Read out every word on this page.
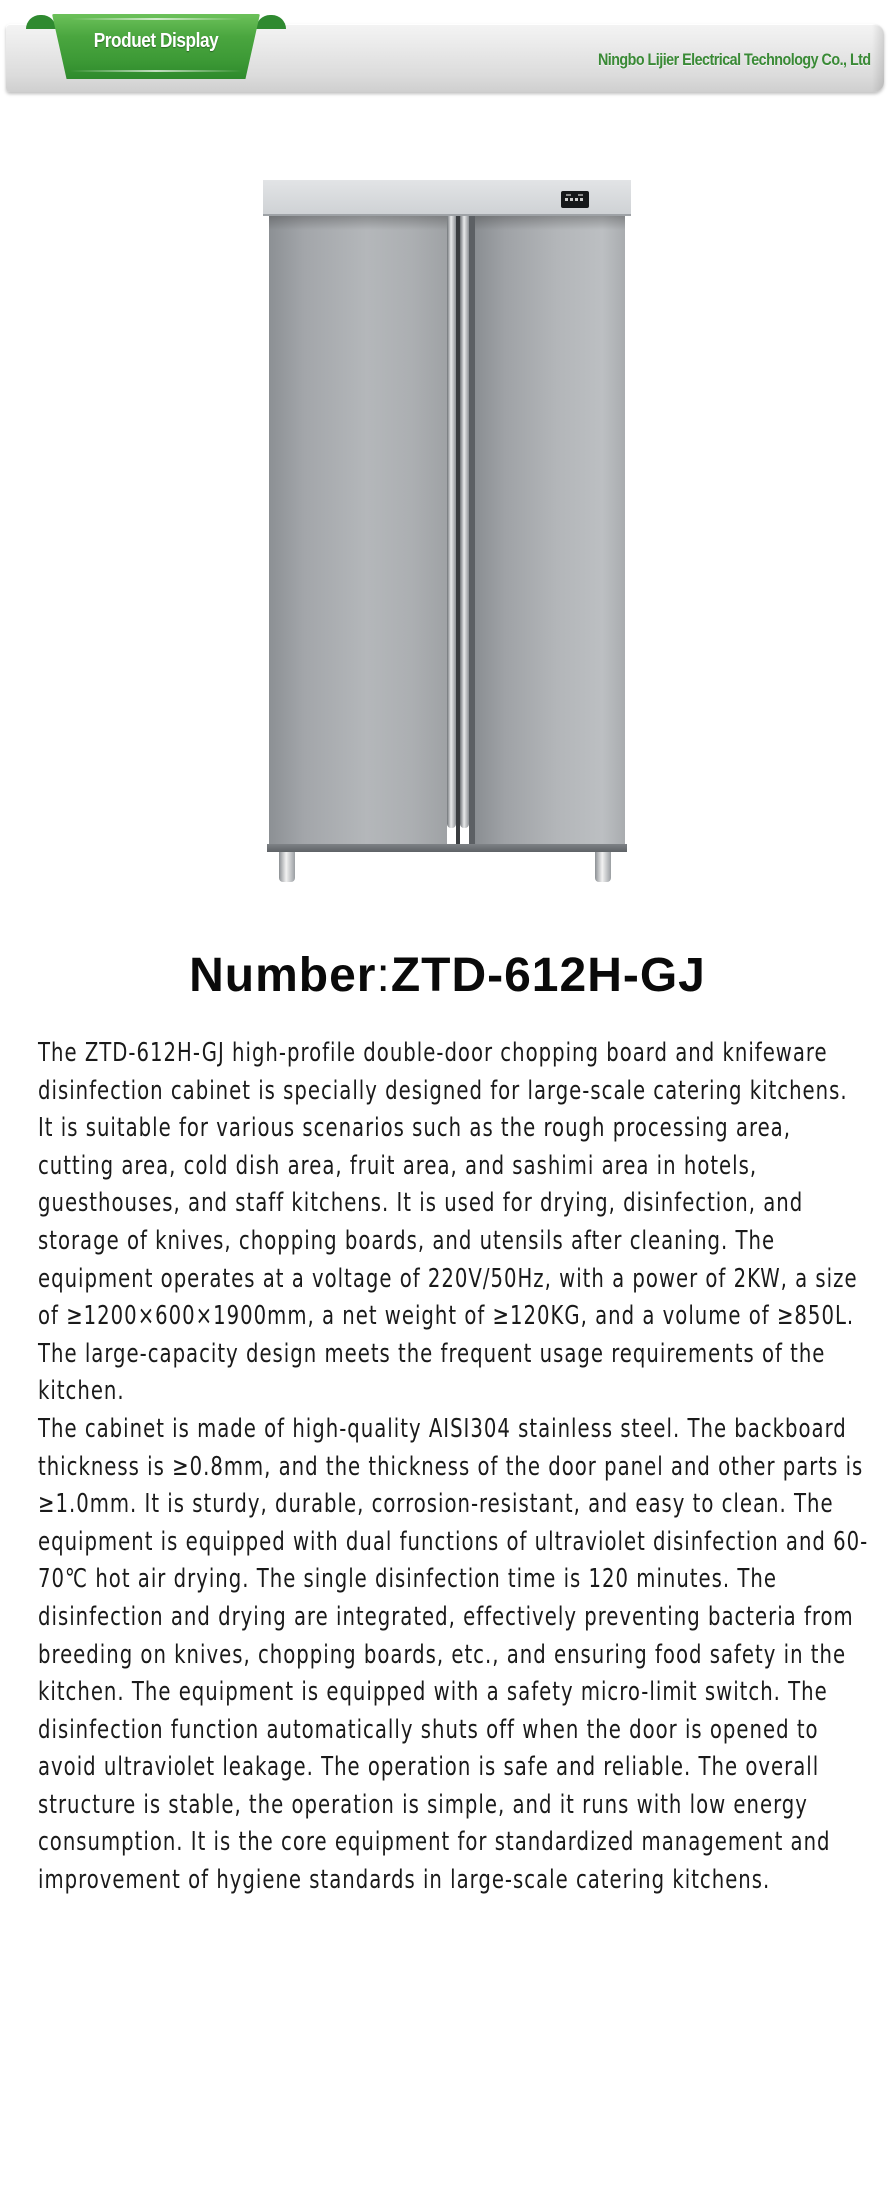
Produet Display
Ningbo Lijier Electrical Technology Co., Ltd
Number:ZTD-612H-GJ

The ZTD-612H-GJ high-profile double-door chopping board and knifeware disinfection cabinet is specially designed for large-scale catering kitchens. It is suitable for various scenarios such as the rough processing area, cutting area, cold dish area, fruit area, and sashimi area in hotels, guesthouses, and staff kitchens. It is used for drying, disinfection, and storage of knives, chopping boards, and utensils after cleaning. The equipment operates at a voltage of 220V/50Hz, with a power of 2KW, a size of ≥1200×600×1900mm, a net weight of ≥120KG, and a volume of ≥850L. The large-capacity design meets the frequent usage requirements of the kitchen.

The cabinet is made of high-quality AISI304 stainless steel. The backboard thickness is ≥0.8mm, and the thickness of the door panel and other parts is ≥1.0mm. It is sturdy, durable, corrosion-resistant, and easy to clean. The equipment is equipped with dual functions of ultraviolet disinfection and 60-70℃ hot air drying. The single disinfection time is 120 minutes. The disinfection and drying are integrated, effectively preventing bacteria from breeding on knives, chopping boards, etc., and ensuring food safety in the kitchen. The equipment is equipped with a safety micro-limit switch. The disinfection function automatically shuts off when the door is opened to avoid ultraviolet leakage. The operation is safe and reliable. The overall structure is stable, the operation is simple, and it runs with low energy consumption. It is the core equipment for standardized management and improvement of hygiene standards in large-scale catering kitchens.
